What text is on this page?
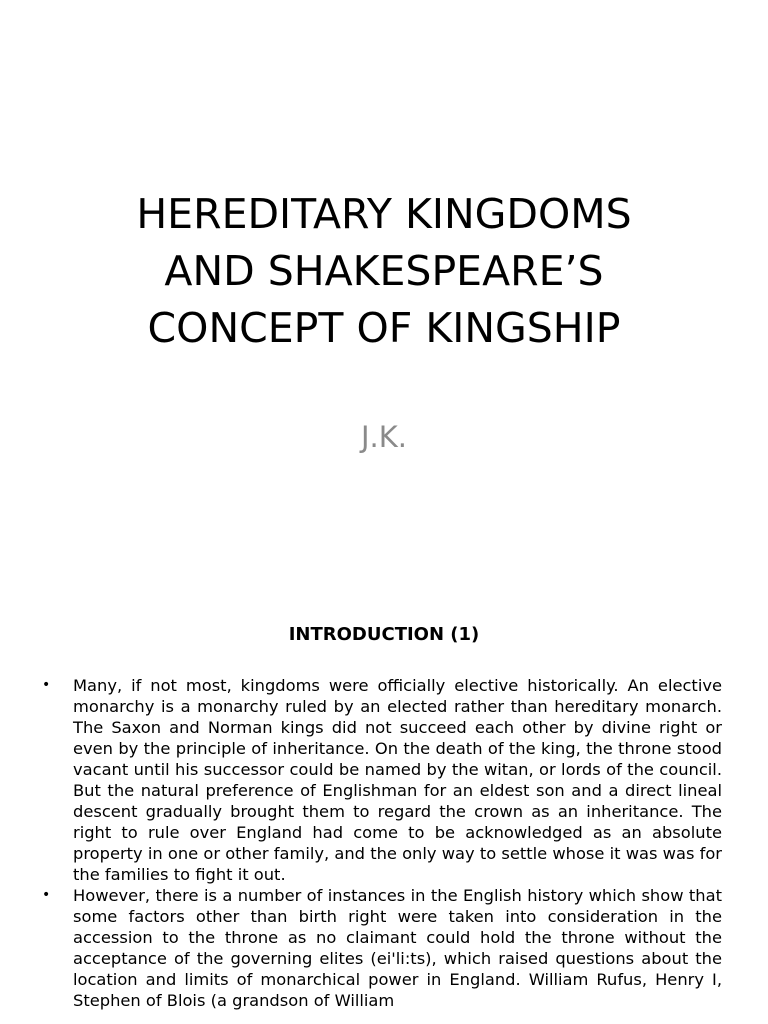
HEREDITARY KINGDOMS
AND SHAKESPEARE’S
CONCEPT OF KINGSHIP
J.K.
INTRODUCTION (1)
•	Many, if not most, kingdoms were officially elective historically. An elective monarchy is a monarchy ruled by an elected rather than hereditary monarch. The Saxon and Norman kings did not succeed each other by divine right or even by the principle of inheritance. On the death of the king, the throne stood vacant until his successor could be named by the witan, or lords of the council. But the natural preference of Englishman for an eldest son and a direct lineal descent gradually brought them to regard the crown as an inheritance. The right to rule over England had come to be acknowledged as an absolute property in one or other family, and the only way to settle whose it was was for the families to fight it out.
•	However, there is a number of instances in the English history which show that some factors other than birth right were taken into consideration in the accession to the throne as no claimant could hold the throne without the acceptance of the governing elites (ei'li:ts), which raised questions about the location and limits of monarchical power in England. William Rufus, Henry I, Stephen of Blois (a grandson of William
